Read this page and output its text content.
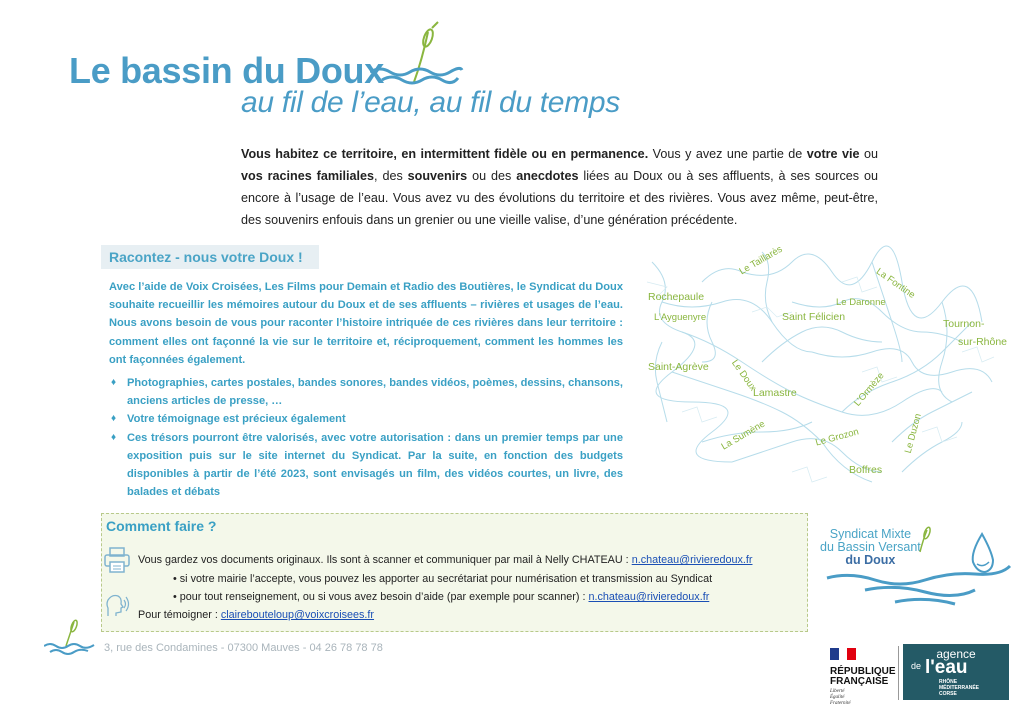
Le bassin du Doux
au fil de l’eau, au fil du temps
Vous habitez ce territoire, en intermittent fidèle ou en permanence. Vous y avez une partie de votre vie ou vos racines familiales, des souvenirs ou des anecdotes liées au Doux ou à ses affluents, à ses sources ou encore à l’usage de l’eau. Vous avez vu des évolutions du territoire et des rivières. Vous avez même, peut-être, des souvenirs enfouis dans un grenier ou une vieille valise, d’une génération précédente.
Racontez - nous votre Doux !
Avec l’aide de Voix Croisées, Les Films pour Demain et Radio des Boutières, le Syndicat du Doux souhaite recueillir les mémoires autour du Doux et de ses affluents – rivières et usages de l’eau. Nous avons besoin de vous pour raconter l’histoire intriquée de ces rivières dans leur territoire : comment elles ont façonné la vie sur le territoire et, réciproquement, comment les hommes les ont façonnées également.
♦ Photographies, cartes postales, bandes sonores, bandes vidéos, poèmes, dessins, chansons, anciens articles de presse, …
♦ Votre témoignage est précieux également
♦ Ces trésors pourront être valorisés, avec votre autorisation : dans un premier temps par une exposition puis sur le site internet du Syndicat. Par la suite, en fonction des budgets disponibles à partir de l’été 2023, sont envisagés un film, des vidéos courtes, un livre, des balades et débats
Le Taillarès
Rochepaule
L’Ayguenyre
Le Daronne
La Fontine
Saint Félicien
Tournon-
sur-Rhône
Saint-Agrève Le Doux
Lamastre	L’Ormèze
La Sumène	Le Grozon	Le Duzon
Boffres
Comment faire ?
Vous gardez vos documents originaux. Ils sont à scanner et communiquer par mail à Nelly CHATEAU : n.chateau@rivieredoux.fr
• si votre mairie l’accepte, vous pouvez les apporter au secrétariat pour numérisation et transmission au Syndicat
• pour tout renseignement, ou si vous avez besoin d’aide (par exemple pour scanner) : n.chateau@rivieredoux.fr
Pour témoigner : clairebouteloup@voixcroisees.fr
3, rue des Condamines - 07300 Mauves - 04 26 78 78 78
Syndicat Mixte
du Bassin Versant
du Doux
RÉPUBLIQUE
FRANÇAISE
Liberté
Égalité
Fraternité
agence
de l'eau
RHÔNE
MÉDITERRANÉE
CORSE
